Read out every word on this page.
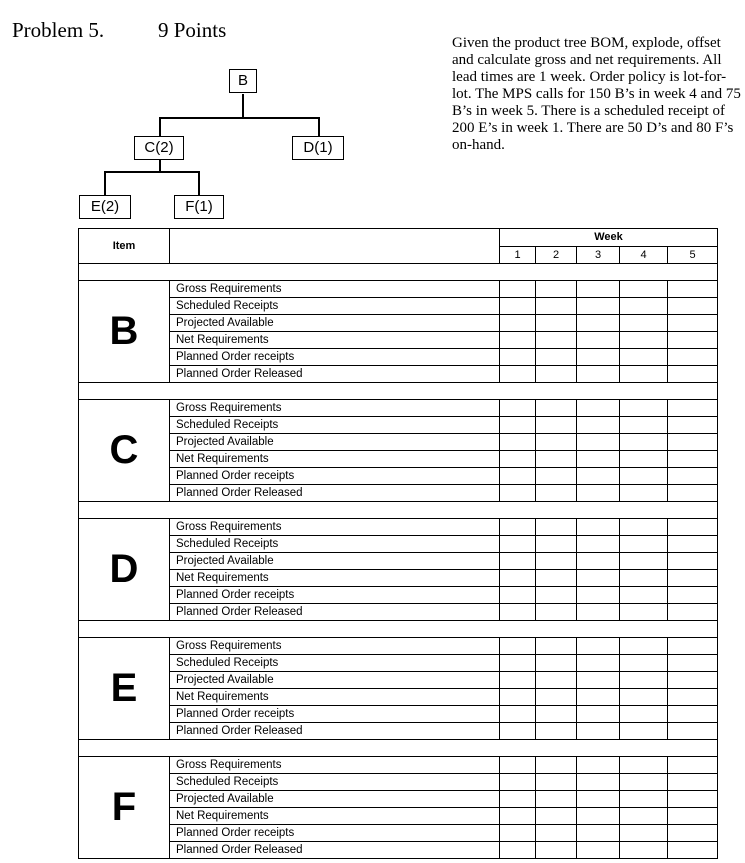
Problem 5.	9 Points
Given the product tree BOM, explode, offset and calculate gross and net requirements. All lead times are 1 week. Order policy is lot-for-lot. The MPS calls for 150 B’s in week 4 and 75 B’s in week 5. There is a scheduled receipt of 200 E’s in week 1. There are 50 D’s and 80 F’s on-hand.
B
C(2)	D(1)
E(2)	F(1)
Item		Week				
		1	2	3	4	5

B	Gross Requirements					
	Scheduled Receipts					
	Projected Available					
	Net Requirements					
	Planned Order receipts					
	Planned Order Released					

C	Gross Requirements					
	Scheduled Receipts					
	Projected Available					
	Net Requirements					
	Planned Order receipts					
	Planned Order Released					

D	Gross Requirements					
	Scheduled Receipts					
	Projected Available					
	Net Requirements					
	Planned Order receipts					
	Planned Order Released					

E	Gross Requirements					
	Scheduled Receipts					
	Projected Available					
	Net Requirements					
	Planned Order receipts					
	Planned Order Released					

F	Gross Requirements					
	Scheduled Receipts					
	Projected Available					
	Net Requirements					
	Planned Order receipts					
	Planned Order Released					
